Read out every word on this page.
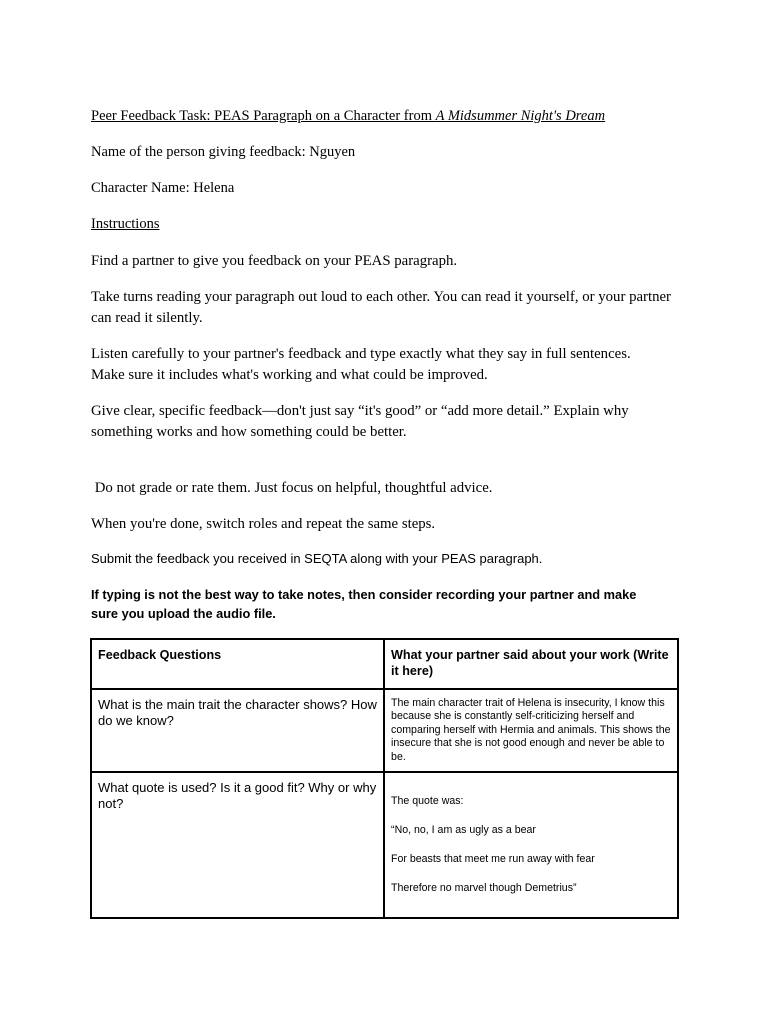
Peer Feedback Task: PEAS Paragraph on a Character from A Midsummer Night's Dream
Name of the person giving feedback: Nguyen
Character Name: Helena
Instructions
Find a partner to give you feedback on your PEAS paragraph.
Take turns reading your paragraph out loud to each other. You can read it yourself, or your partner can read it silently.
Listen carefully to your partner's feedback and type exactly what they say in full sentences. Make sure it includes what's working and what could be improved.
Give clear, specific feedback—don't just say “it's good” or “add more detail.” Explain why something works and how something could be better.
Do not grade or rate them. Just focus on helpful, thoughtful advice.
When you're done, switch roles and repeat the same steps.
Submit the feedback you received in SEQTA along with your PEAS paragraph.
If typing is not the best way to take notes, then consider recording your partner and make sure you upload the audio file.
Feedback Questions	What your partner said about your work (Write it here)

What is the main trait the character shows? How do we know?	The main character trait of Helena is insecurity, I know this because she is constantly self-criticizing herself and comparing herself with Hermia and animals. This shows the insecure that she is not good enough and never be able to be.

What quote is used? Is it a good fit? Why or why not?	The quote was:

“No, no, I am as ugly as a bear

For beasts that meet me run away with fear

Therefore no marvel though Demetrius”
